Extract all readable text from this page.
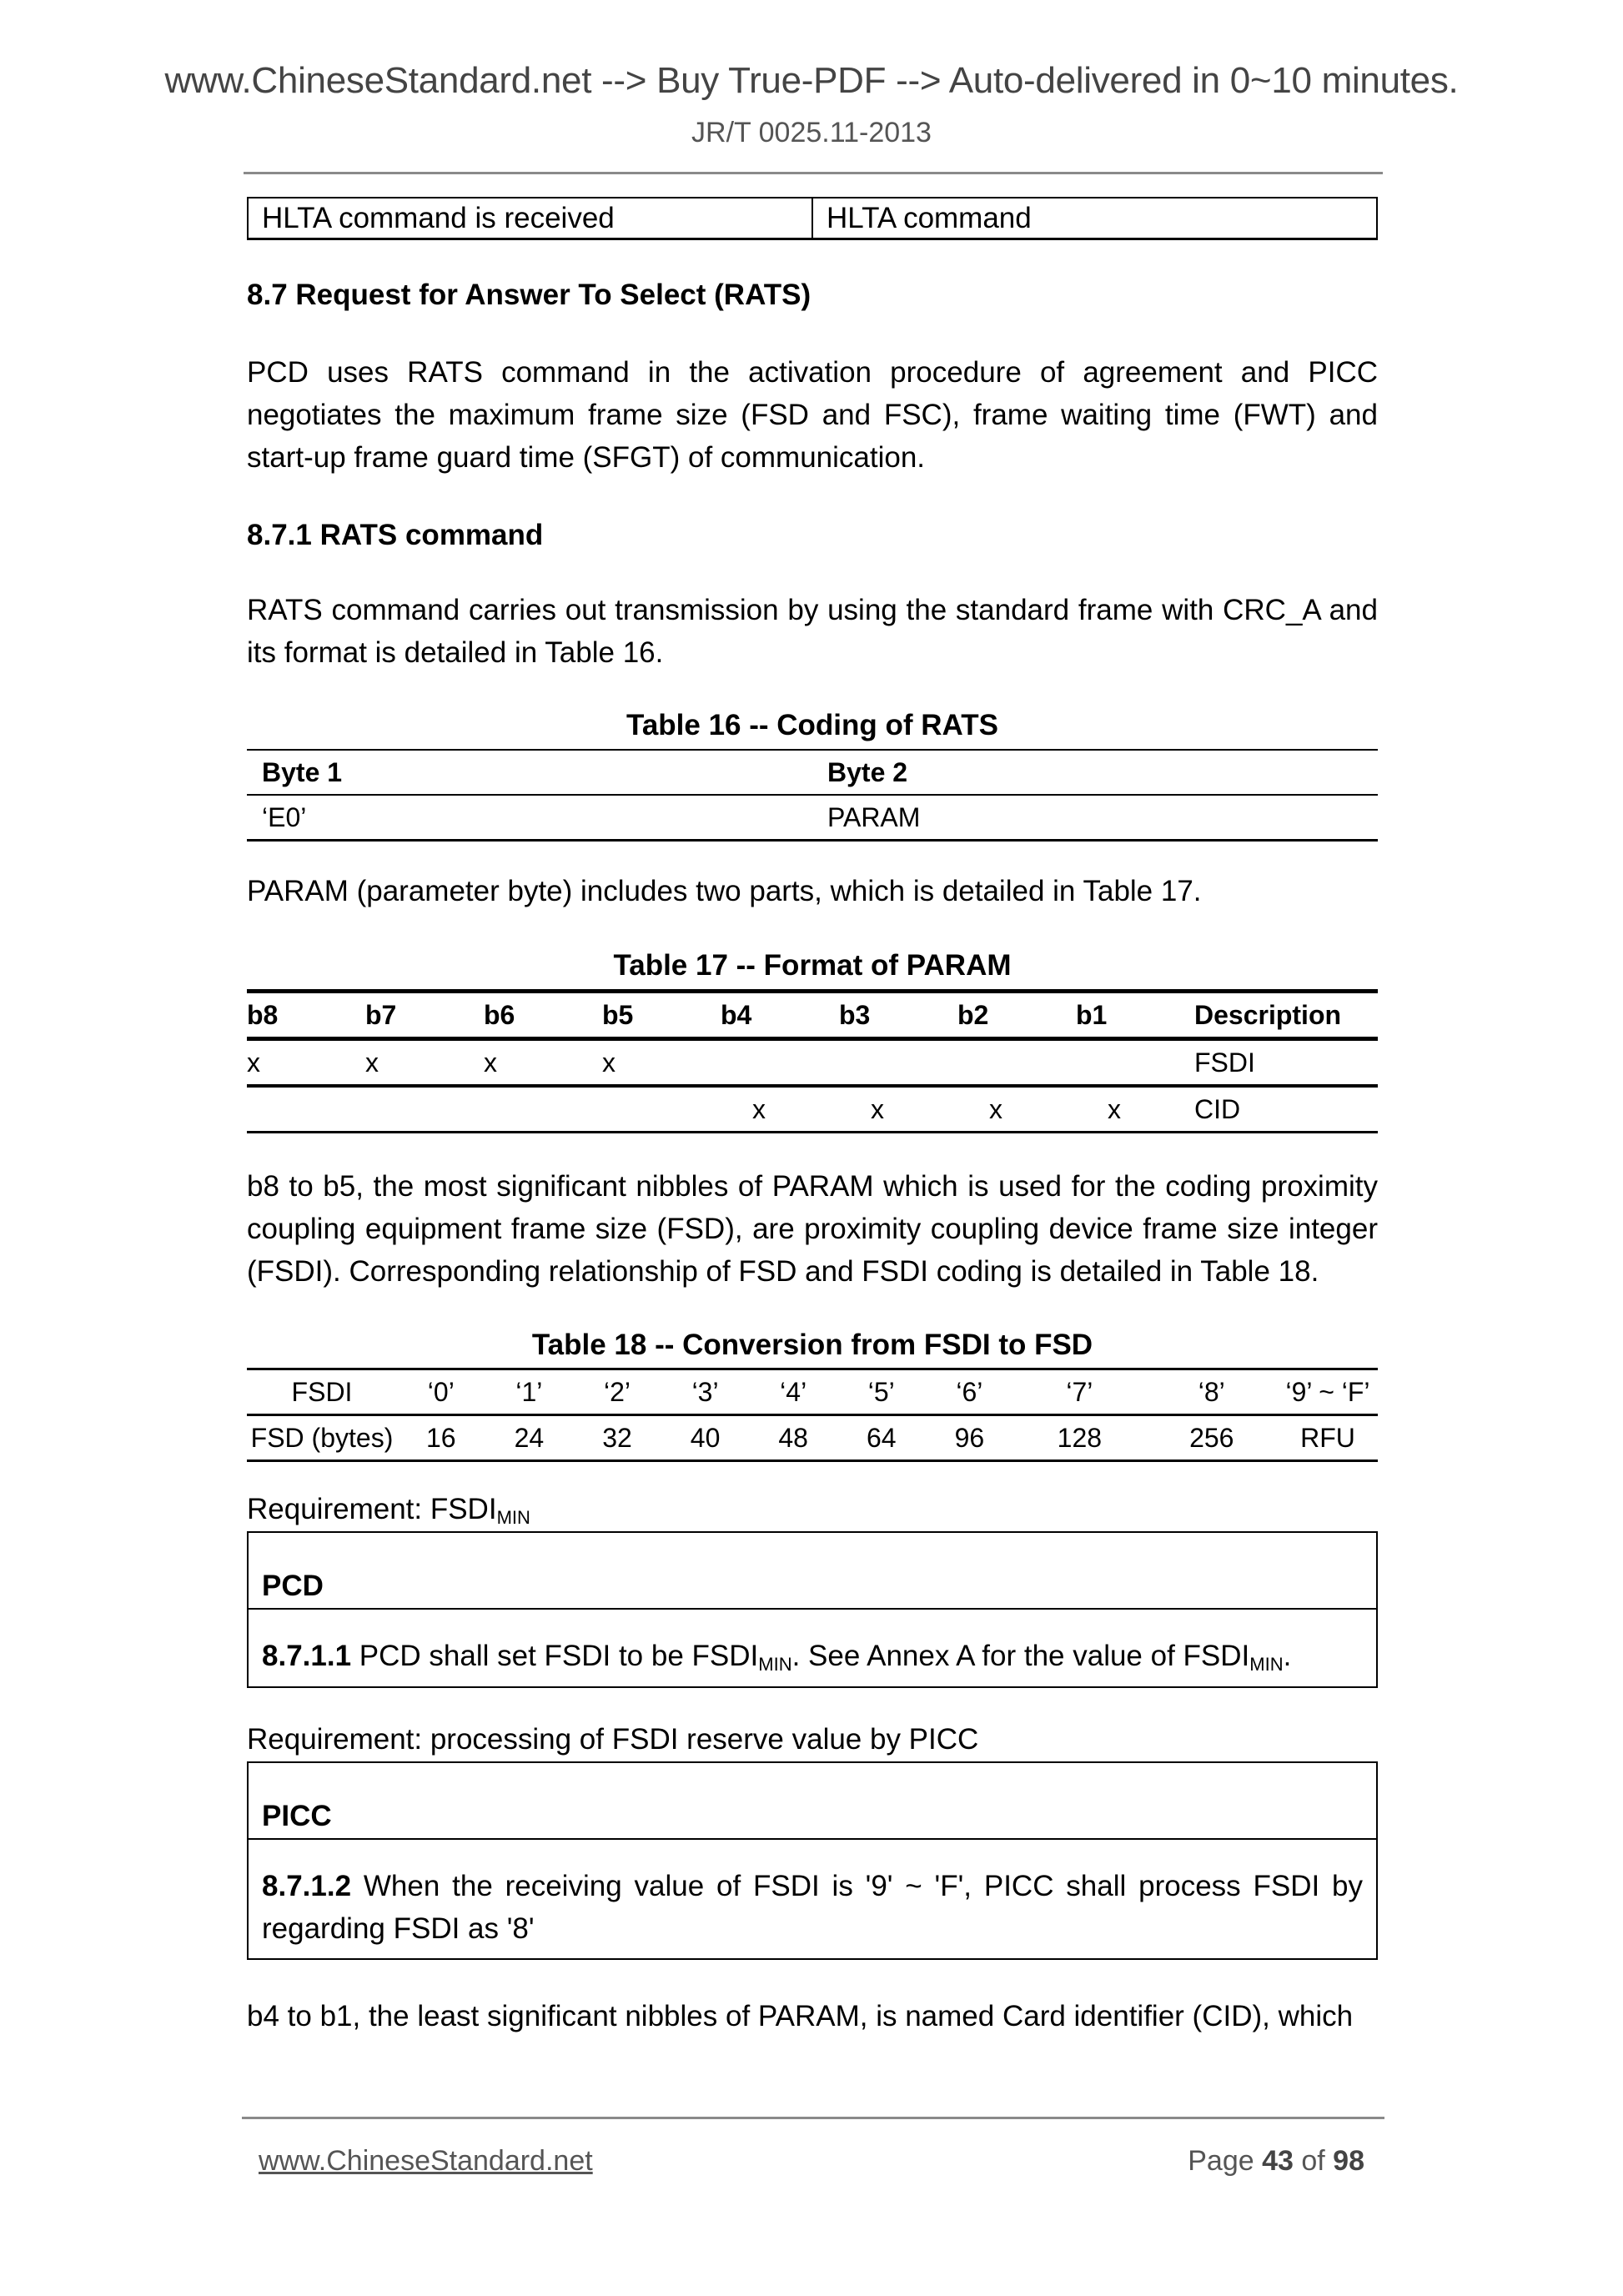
www.ChineseStandard.net --> Buy True-PDF --> Auto-delivered in 0~10 minutes.
JR/T 0025.11-2013
HLTA command is received	HLTA command
8.7 Request for Answer To Select (RATS)
PCD uses RATS command in the activation procedure of agreement and PICC negotiates the maximum frame size (FSD and FSC), frame waiting time (FWT) and start-up frame guard time (SFGT) of communication.
8.7.1 RATS command
RATS command carries out transmission by using the standard frame with CRC_A and its format is detailed in Table 16.
Table 16 -- Coding of RATS
Byte 1	Byte 2
‘E0’	PARAM
PARAM (parameter byte) includes two parts, which is detailed in Table 17.
Table 17 -- Format of PARAM
b8	b7	b6	b5	b4	b3	b2	b1	Description
x	x	x	x					FSDI
				x	x	x	x	CID
b8 to b5, the most significant nibbles of PARAM which is used for the coding proximity coupling equipment frame size (FSD), are proximity coupling device frame size integer (FSDI). Corresponding relationship of FSD and FSDI coding is detailed in Table 18.
Table 18 -- Conversion from FSDI to FSD
FSDI	‘0’	‘1’	‘2’	‘3’	‘4’	‘5’	‘6’	‘7’	‘8’	‘9’ ~ ‘F’
FSD (bytes)	16	24	32	40	48	64	96	128	256	RFU
Requirement: $FSDI_{MIN}$
PCD
8.7.1.1 PCD shall set FSDI to be $FSDI_{MIN}$. See Annex A for the value of $FSDI_{MIN}$.
Requirement: processing of FSDI reserve value by PICC
PICC
8.7.1.2 When the receiving value of FSDI is '9' ~ 'F', PICC shall process FSDI by regarding FSDI as '8'
b4 to b1, the least significant nibbles of PARAM, is named Card identifier (CID), which
www.ChineseStandard.net	Page 43 of 98
